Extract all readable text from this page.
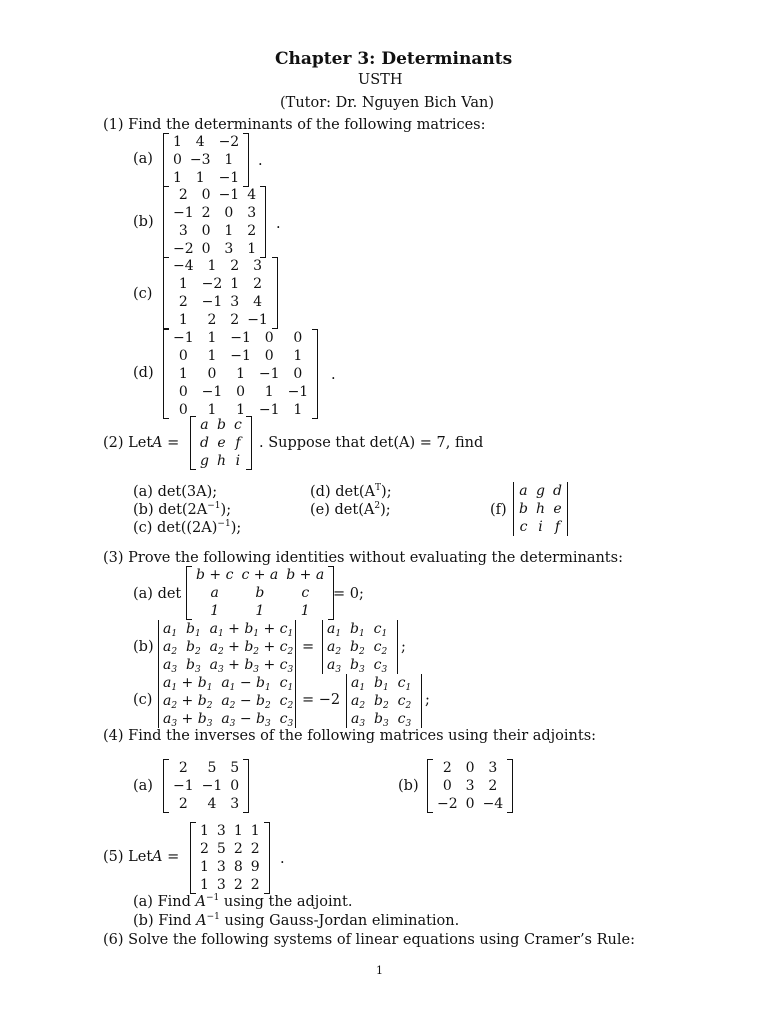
Chapter 3: Determinants
USTH
(Tutor: Dr. Nguyen Bich Van)
(1) Find the determinants of the following matrices:
(a)
1	4	−2
0	−3	1
1	1	−1
.
(b)
2	0	−1	4
−1	2	0	3
3	0	1	2
−2	0	3	1
.
(c)
−4	1	2	3
1	−2	1	2
2	−1	3	4
1	2	2	−1
(d)
−1	1	−1	0	0
0	1	−1	0	1
1	0	1	−1	0
0	−1	0	1	−1
0	1	1	−1	1
.
(2) Let A =
a	b	c
d	e	f
g	h	i
. Suppose that det(A) = 7, find
(a) det(3A);
(b) $\det(2A^{-1})$;
(c) $\det((2A)^{-1})$;
(d) $\det(A^T)$;
(e) $\det(A^2)$;	(f)
a	g	d
b	h	e
c	i	f
(3) Prove the following identities without evaluating the determinants:
(a) det
b + c	c + a	b + a
a	b	c
1	1	1
= 0;
(b)
$a_1$  $b_1$  $a_1 + b_1 + c_1$
$a_2$  $b_2$  $a_2 + b_2 + c_2$
$a_3$  $b_3$  $a_3 + b_3 + c_3$
=
$a_1$  $b_1$  $c_1$
$a_2$  $b_2$  $c_2$
$a_3$  $b_3$  $c_3$
;
(c)
$a_1 + b_1$  $a_1 - b_1$  $c_1$
$a_2 + b_2$  $a_2 - b_2$  $c_2$
$a_3 + b_3$  $a_3 - b_3$  $c_3$
= −2
$a_1$  $b_1$  $c_1$
$a_2$  $b_2$  $c_2$
$a_3$  $b_3$  $c_3$
;
(4) Find the inverses of the following matrices using their adjoints:
(a)
2	5	5
−1	−1	0
2	4	3
(b)
2	0	3
0	3	2
−2	0	−4
(5) Let A =
1	3	1	1
2	5	2	2
1	3	8	9
1	3	2	2
.
(a) Find $A^{-1}$ using the adjoint.
(b) Find $A^{-1}$ using Gauss-Jordan elimination.
(6) Solve the following systems of linear equations using Cramer’s Rule:
1
